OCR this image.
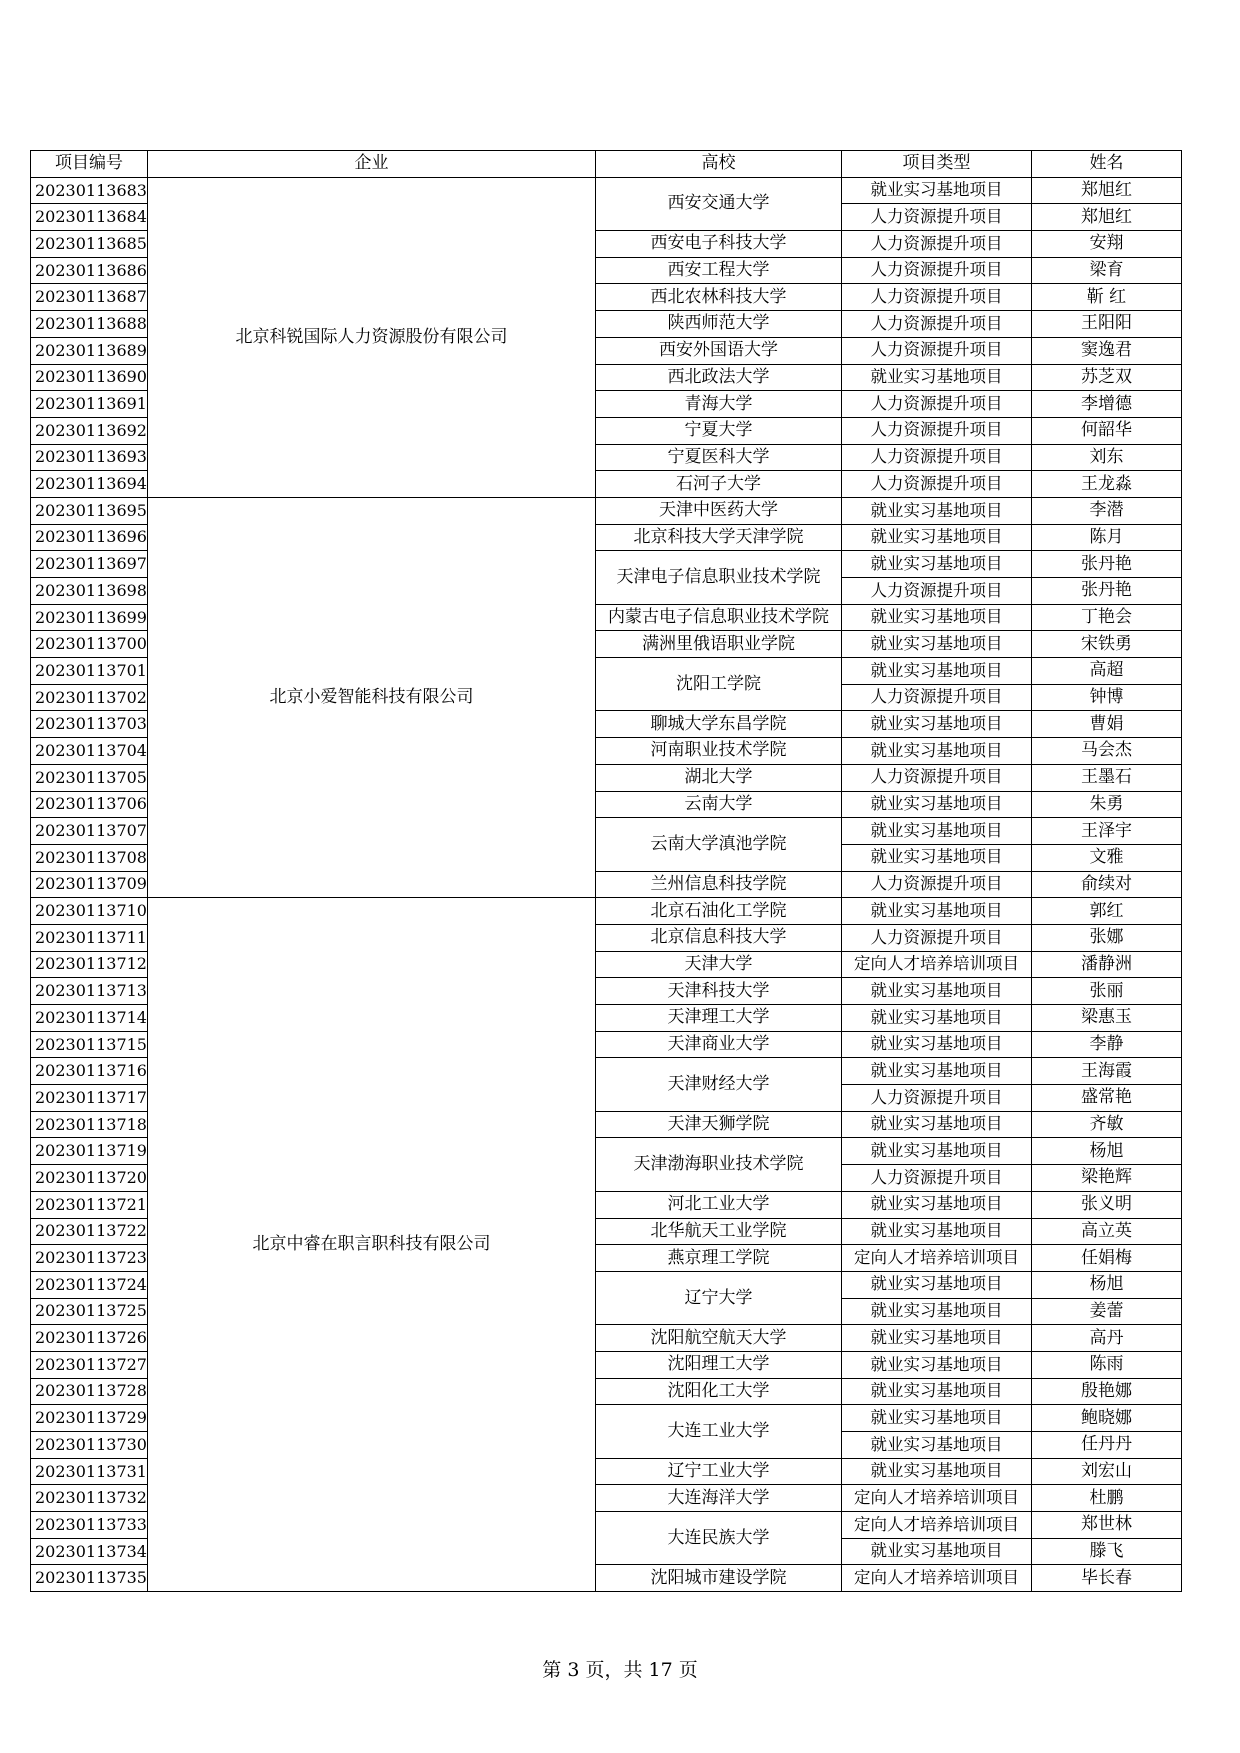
项目编号	企业	高校	项目类型	姓名
20230113683	北京科锐国际人力资源股份有限公司	西安交通大学	就业实习基地项目	郑旭红
20230113684			人力资源提升项目	郑旭红
20230113685		西安电子科技大学	人力资源提升项目	安翔
20230113686		西安工程大学	人力资源提升项目	梁育
20230113687		西北农林科技大学	人力资源提升项目	靳 红
20230113688		陕西师范大学	人力资源提升项目	王阳阳
20230113689		西安外国语大学	人力资源提升项目	窦逸君
20230113690		西北政法大学	就业实习基地项目	苏芝双
20230113691		青海大学	人力资源提升项目	李增德
20230113692		宁夏大学	人力资源提升项目	何韶华
20230113693		宁夏医科大学	人力资源提升项目	刘东
20230113694		石河子大学	人力资源提升项目	王龙淼
20230113695	北京小爱智能科技有限公司	天津中医药大学	就业实习基地项目	李潜
20230113696		北京科技大学天津学院	就业实习基地项目	陈月
20230113697		天津电子信息职业技术学院	就业实习基地项目	张丹艳
20230113698			人力资源提升项目	张丹艳
20230113699		内蒙古电子信息职业技术学院	就业实习基地项目	丁艳会
20230113700		满洲里俄语职业学院	就业实习基地项目	宋铁勇
20230113701		沈阳工学院	就业实习基地项目	高超
20230113702			人力资源提升项目	钟博
20230113703		聊城大学东昌学院	就业实习基地项目	曹娟
20230113704		河南职业技术学院	就业实习基地项目	马会杰
20230113705		湖北大学	人力资源提升项目	王墨石
20230113706		云南大学	就业实习基地项目	朱勇
20230113707		云南大学滇池学院	就业实习基地项目	王泽宇
20230113708			就业实习基地项目	文雅
20230113709		兰州信息科技学院	人力资源提升项目	俞续对
20230113710	北京中睿在职言职科技有限公司	北京石油化工学院	就业实习基地项目	郭红
20230113711		北京信息科技大学	人力资源提升项目	张娜
20230113712		天津大学	定向人才培养培训项目	潘静洲
20230113713		天津科技大学	就业实习基地项目	张丽
20230113714		天津理工大学	就业实习基地项目	梁惠玉
20230113715		天津商业大学	就业实习基地项目	李静
20230113716		天津财经大学	就业实习基地项目	王海霞
20230113717			人力资源提升项目	盛常艳
20230113718		天津天狮学院	就业实习基地项目	齐敏
20230113719		天津渤海职业技术学院	就业实习基地项目	杨旭
20230113720			人力资源提升项目	梁艳辉
20230113721		河北工业大学	就业实习基地项目	张义明
20230113722		北华航天工业学院	就业实习基地项目	高立英
20230113723		燕京理工学院	定向人才培养培训项目	任娟梅
20230113724		辽宁大学	就业实习基地项目	杨旭
20230113725			就业实习基地项目	姜蕾
20230113726		沈阳航空航天大学	就业实习基地项目	高丹
20230113727		沈阳理工大学	就业实习基地项目	陈雨
20230113728		沈阳化工大学	就业实习基地项目	殷艳娜
20230113729		大连工业大学	就业实习基地项目	鲍晓娜
20230113730			就业实习基地项目	任丹丹
20230113731		辽宁工业大学	就业实习基地项目	刘宏山
20230113732		大连海洋大学	定向人才培养培训项目	杜鹏
20230113733		大连民族大学	定向人才培养培训项目	郑世林
20230113734			就业实习基地项目	滕飞
20230113735		沈阳城市建设学院	定向人才培养培训项目	毕长春
第 3 页，共 17 页
